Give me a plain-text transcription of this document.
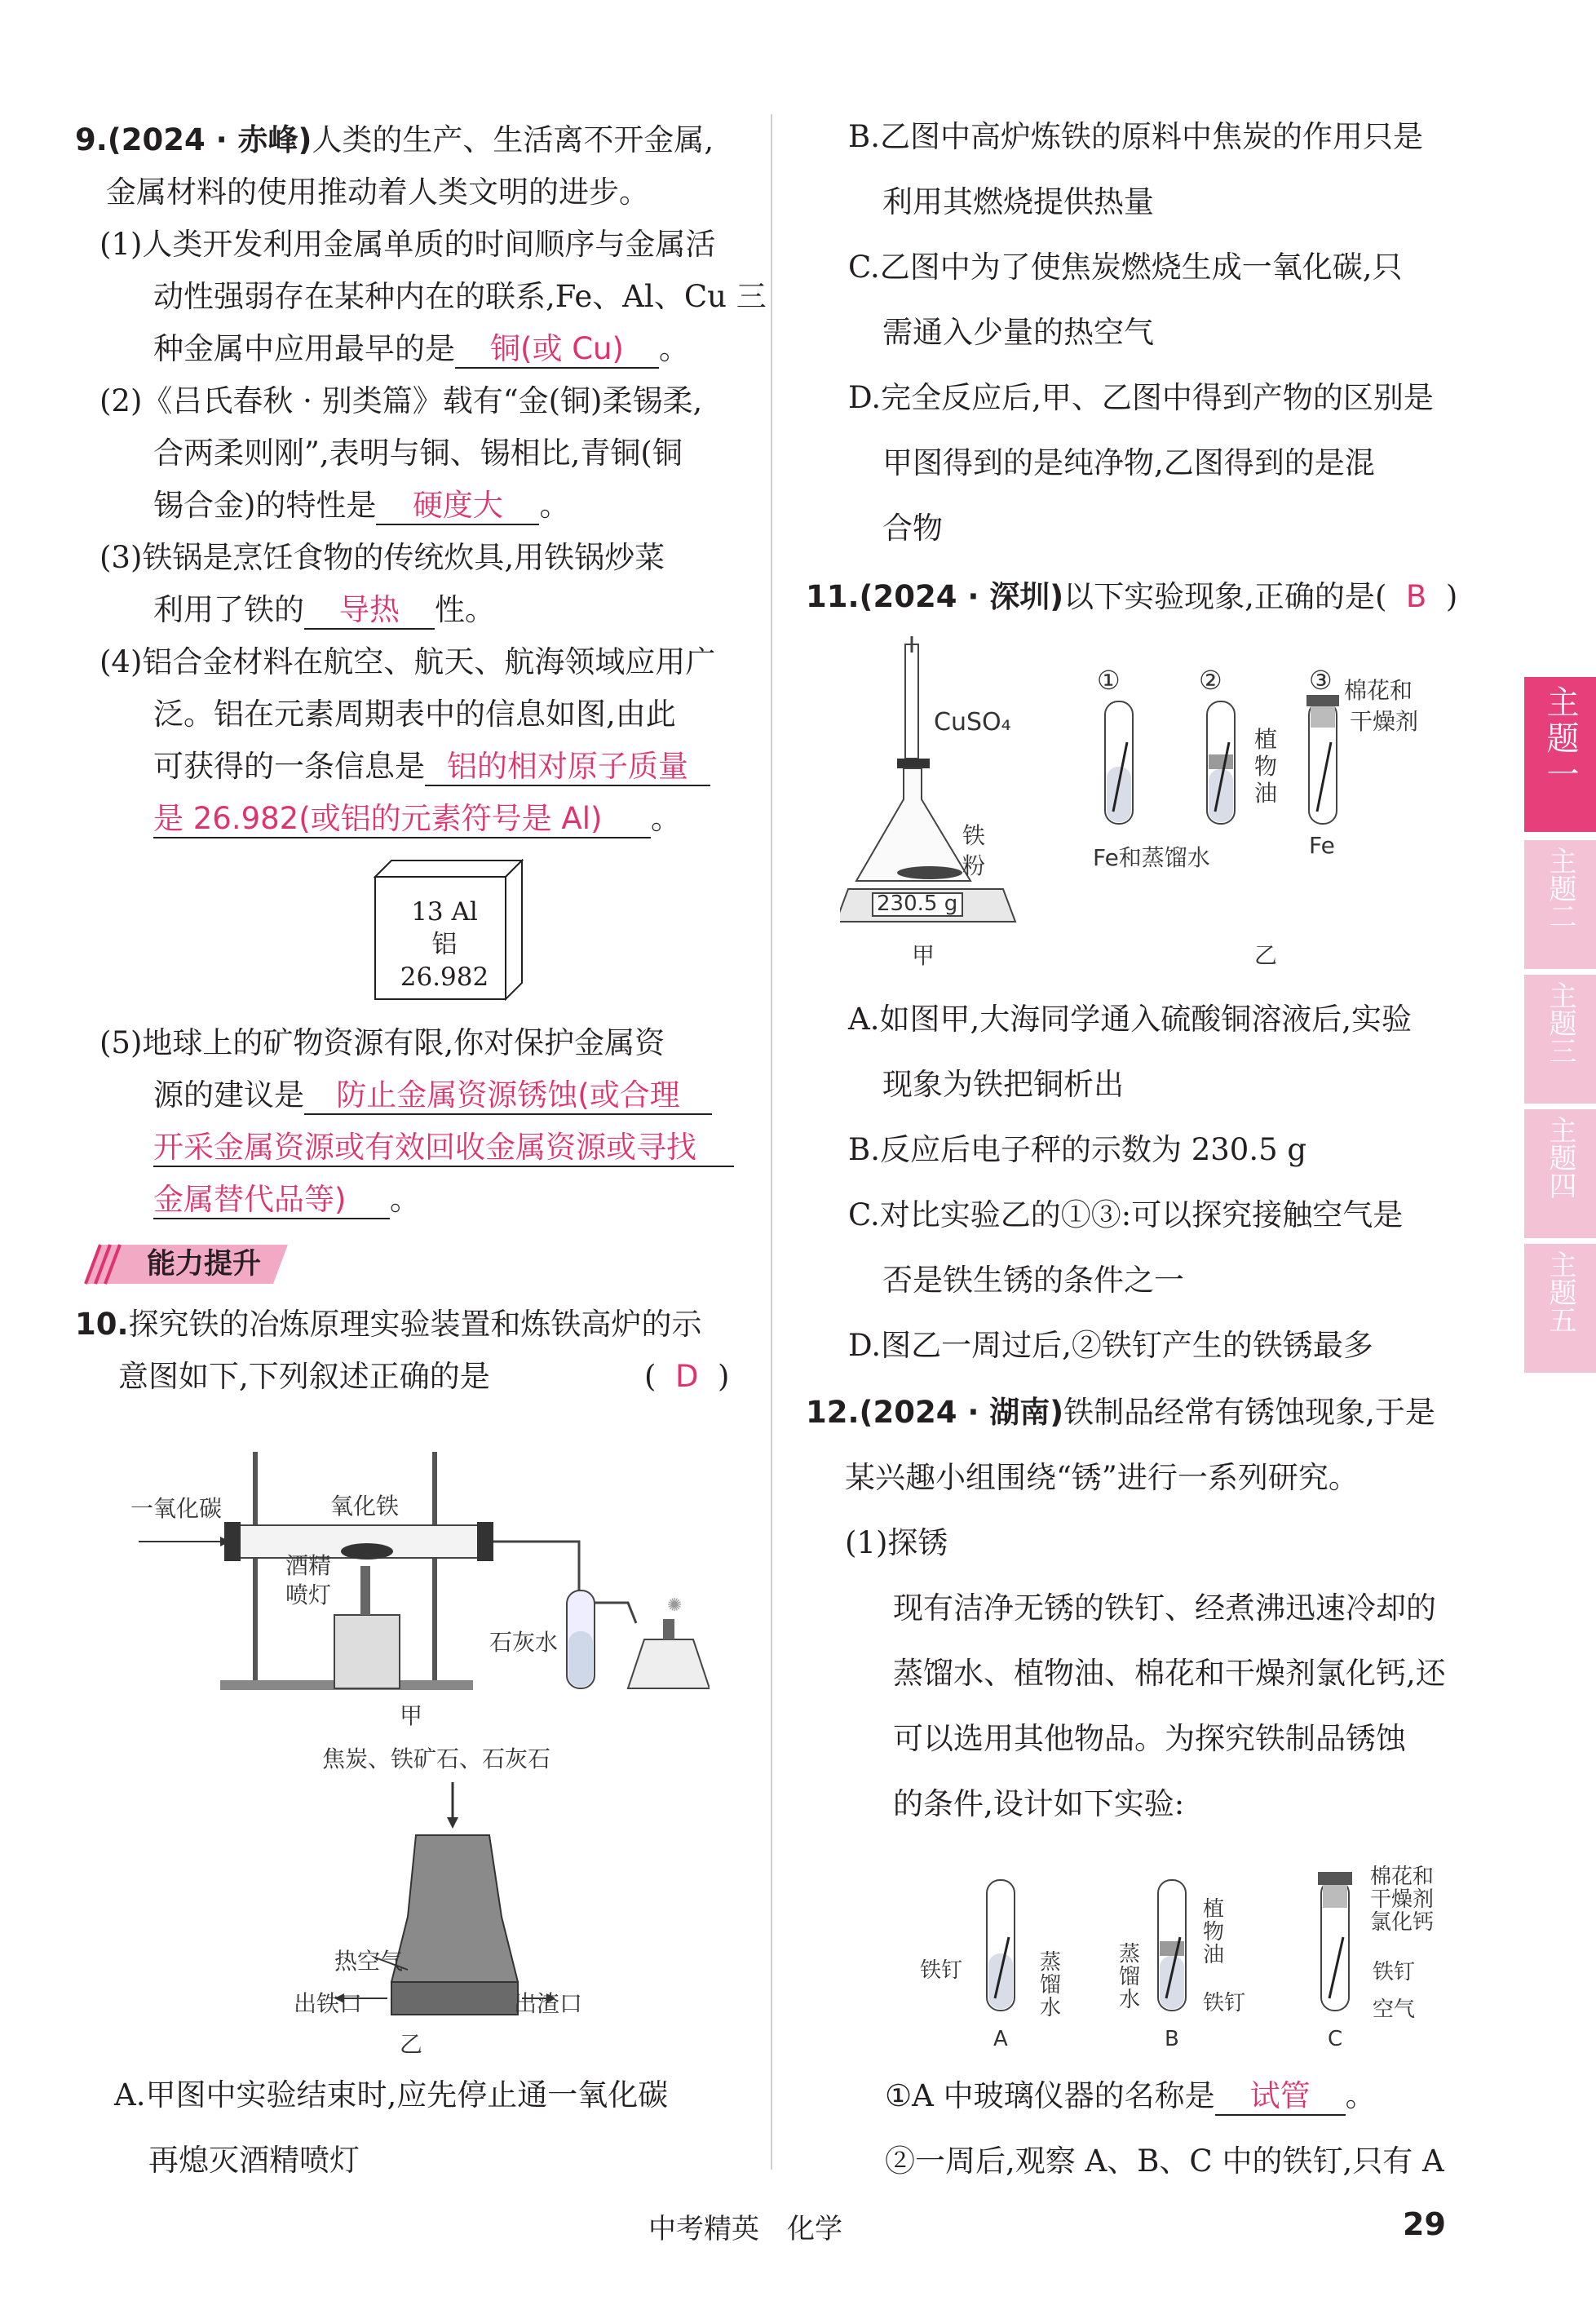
9.(2024 · 赤峰)人类的生产、生活离不开金属,
金属材料的使用推动着人类文明的进步。
(1)人类开发利用金属单质的时间顺序与金属活
动性强弱存在某种内在的联系,Fe、Al、Cu 三
种金属中应用最早的是 铜(或 Cu) 。
(2)《吕氏春秋 · 别类篇》载有“金(铜)柔锡柔,
合两柔则刚”,表明与铜、锡相比,青铜(铜
锡合金)的特性是 硬度大 。
(3)铁锅是烹饪食物的传统炊具,用铁锅炒菜
利用了铁的 导热 性。
(4)铝合金材料在航空、航天、航海领域应用广
泛。铝在元素周期表中的信息如图,由此
可获得的一条信息是 铝的相对原子质量
是 26.982(或铝的元素符号是 Al) 。
13 Al
铝
26.982
(5)地球上的矿物资源有限,你对保护金属资
源的建议是 防止金属资源锈蚀(或合理
开采金属资源或有效回收金属资源或寻找
金属替代品等) 。
能力提升
10.探究铁的冶炼原理实验装置和炼铁高炉的示
意图如下,下列叙述正确的是	(  D  )
✺
一氧化碳	氧化铁
酒精
喷灯
石灰水
甲
焦炭、铁矿石、石灰石
热空气
出铁口	出渣口
乙
A.甲图中实验结束时,应先停止通一氧化碳
再熄灭酒精喷灯
B.乙图中高炉炼铁的原料中焦炭的作用只是
利用其燃烧提供热量
C.乙图中为了使焦炭燃烧生成一氧化碳,只
需通入少量的热空气
D.完全反应后,甲、乙图中得到产物的区别是
甲图得到的是纯净物,乙图得到的是混
合物
11.(2024 · 深圳)以下实验现象,正确的是(  B  )
CuSO₄
铁
粉
230.5 g
甲
①	②	③ 棉花和
干燥剂
植
物
油
Fe和蒸馏水	Fe
乙
A.如图甲,大海同学通入硫酸铜溶液后,实验
现象为铁把铜析出
B.反应后电子秤的示数为 230.5 g
C.对比实验乙的①③:可以探究接触空气是
否是铁生锈的条件之一
D.图乙一周过后,②铁钉产生的铁锈最多
12.(2024 · 湖南)铁制品经常有锈蚀现象,于是
某兴趣小组围绕“锈”进行一系列研究。
(1)探锈
现有洁净无锈的铁钉、经煮沸迅速冷却的
蒸馏水、植物油、棉花和干燥剂氯化钙,还
可以选用其他物品。为探究铁制品锈蚀
的条件,设计如下实验:
铁钉	蒸
馏
水
植
物
油
蒸
馏
水	铁钉
棉花和
干燥剂
氯化钙
铁钉
空气
A	B	C
①A 中玻璃仪器的名称是 试管 。
②一周后,观察 A、B、C 中的铁钉,只有 A
主题一
主题二
主题三
主题四
主题五
中考精英 化学	29
